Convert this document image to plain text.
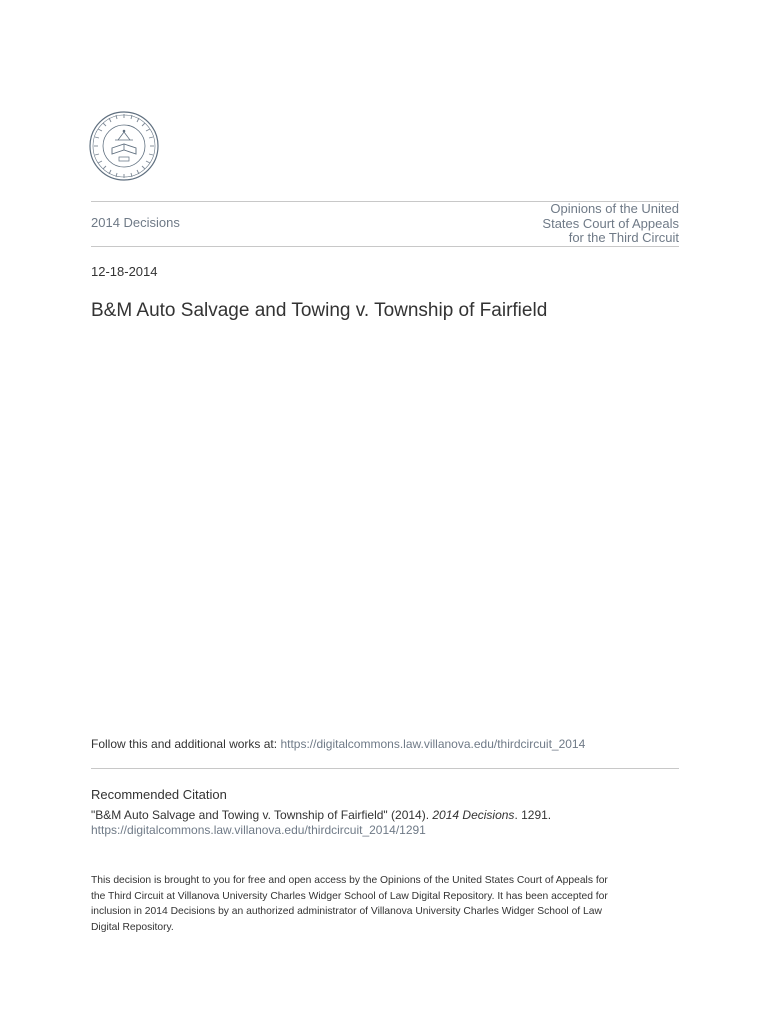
2014 Decisions
Opinions of the United
States Court of Appeals
for the Third Circuit
12-18-2014
B&M Auto Salvage and Towing v. Township of Fairfield
Follow this and additional works at: https://digitalcommons.law.villanova.edu/thirdcircuit_2014
Recommended Citation
"B&M Auto Salvage and Towing v. Township of Fairfield" (2014). 2014 Decisions. 1291.
https://digitalcommons.law.villanova.edu/thirdcircuit_2014/1291
This decision is brought to you for free and open access by the Opinions of the United States Court of Appeals for
the Third Circuit at Villanova University Charles Widger School of Law Digital Repository. It has been accepted for
inclusion in 2014 Decisions by an authorized administrator of Villanova University Charles Widger School of Law
Digital Repository.
